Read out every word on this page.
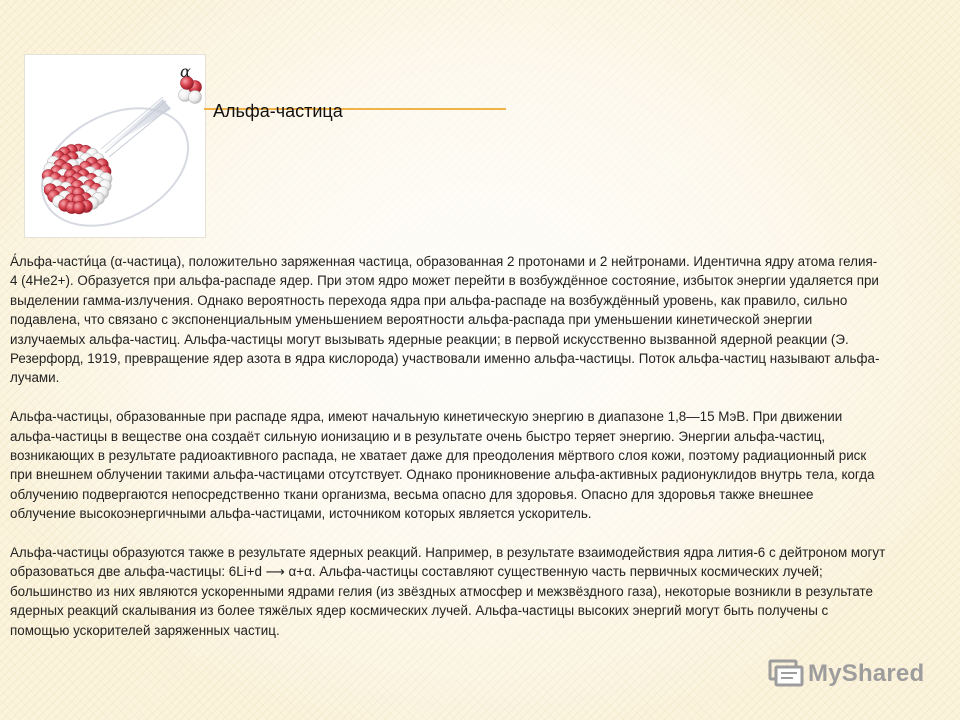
α
Альфа-частица
А́льфа-части́ца (α-частица), положительно заряженная частица, образованная 2 протонами и 2 нейтронами. Идентична ядру атома гелия-
4 (4He2+). Образуется при альфа-распаде ядер. При этом ядро может перейти в возбуждённое состояние, избыток энергии удаляется при
выделении гамма-излучения. Однако вероятность перехода ядра при альфа-распаде на возбуждённый уровень, как правило, сильно
подавлена, что связано с экспоненциальным уменьшением вероятности альфа-распада при уменьшении кинетической энергии
излучаемых альфа-частиц. Альфа-частицы могут вызывать ядерные реакции; в первой искусственно вызванной ядерной реакции (Э.
Резерфорд, 1919, превращение ядер азота в ядра кислорода) участвовали именно альфа-частицы. Поток альфа-частиц называют альфа-
лучами.
Альфа-частицы, образованные при распаде ядра, имеют начальную кинетическую энергию в диапазоне 1,8—15 МэВ. При движении
альфа-частицы в веществе она создаёт сильную ионизацию и в результате очень быстро теряет энергию. Энергии альфа-частиц,
возникающих в результате радиоактивного распада, не хватает даже для преодоления мёртвого слоя кожи, поэтому радиационный риск
при внешнем облучении такими альфа-частицами отсутствует. Однако проникновение альфа-активных радионуклидов внутрь тела, когда
облучению подвергаются непосредственно ткани организма, весьма опасно для здоровья. Опасно для здоровья также внешнее
облучение высокоэнергичными альфа-частицами, источником которых является ускоритель.
Альфа-частицы образуются также в результате ядерных реакций. Например, в результате взаимодействия ядра лития-6 с дейтроном могут
образоваться две альфа-частицы: 6Li+d ⟶ α+α. Альфа-частицы составляют существенную часть первичных космических лучей;
большинство из них являются ускоренными ядрами гелия (из звёздных атмосфер и межзвёздного газа), некоторые возникли в результате
ядерных реакций скалывания из более тяжёлых ядер космических лучей. Альфа-частицы высоких энергий могут быть получены с
помощью ускорителей заряженных частиц.
MyShared
